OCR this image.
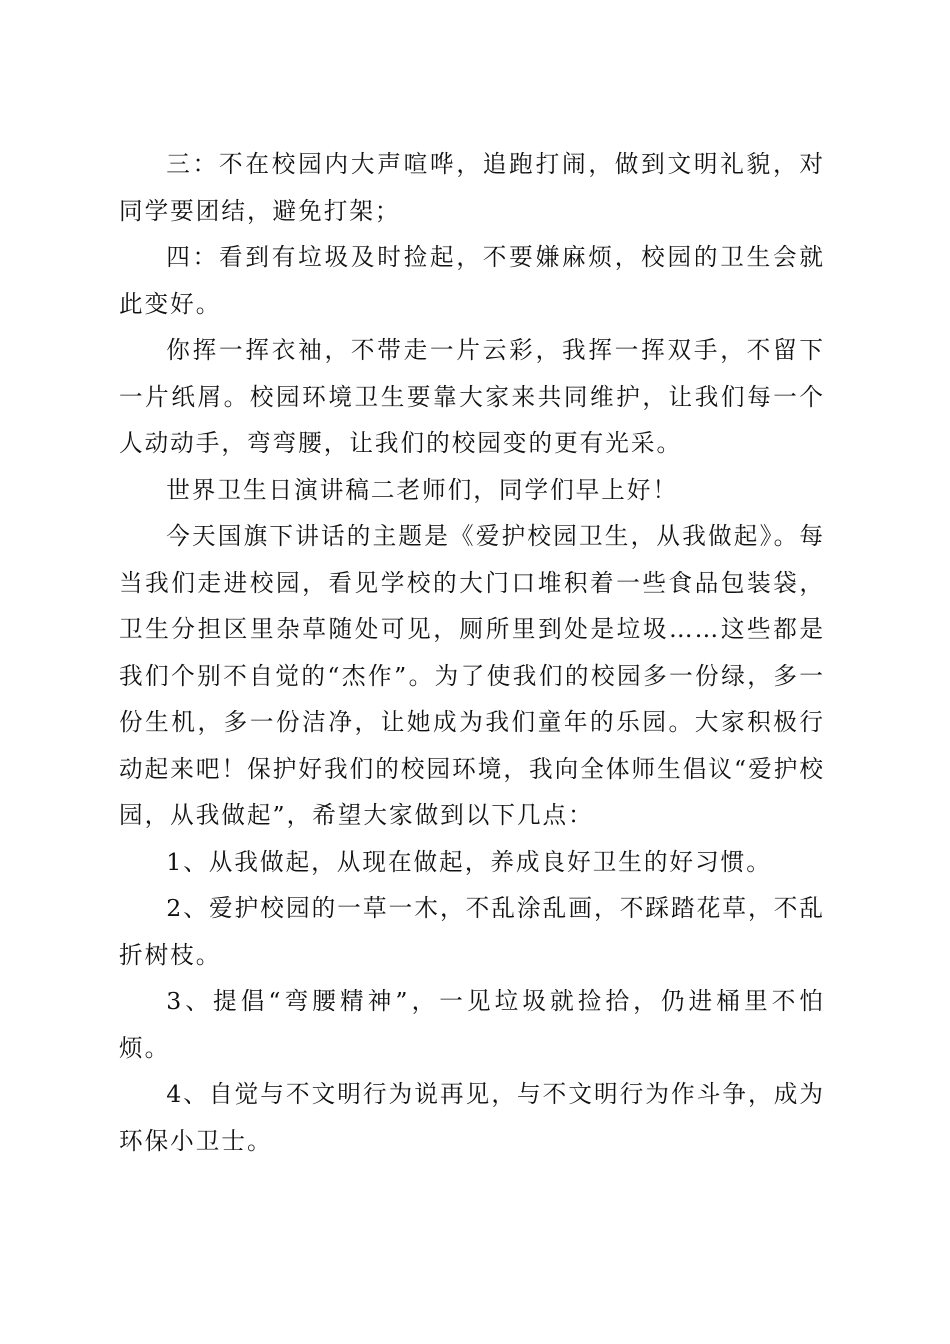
三：不在校园内大声喧哗，追跑打闹，做到文明礼貌，对同学要团结，避免打架；

四：看到有垃圾及时捡起，不要嫌麻烦，校园的卫生会就此变好。

你挥一挥衣袖，不带走一片云彩，我挥一挥双手，不留下一片纸屑。校园环境卫生要靠大家来共同维护，让我们每一个人动动手，弯弯腰，让我们的校园变的更有光采。

世界卫生日演讲稿二老师们，同学们早上好！

今天国旗下讲话的主题是《爱护校园卫生，从我做起》。每当我们走进校园，看见学校的大门口堆积着一些食品包装袋，卫生分担区里杂草随处可见，厕所里到处是垃圾……这些都是我们个别不自觉的“杰作”。为了使我们的校园多一份绿，多一份生机，多一份洁净，让她成为我们童年的乐园。大家积极行动起来吧！保护好我们的校园环境，我向全体师生倡议“爱护校园，从我做起”，希望大家做到以下几点：

1、从我做起，从现在做起，养成良好卫生的好习惯。

2、爱护校园的一草一木，不乱涂乱画，不踩踏花草，不乱折树枝。

3、提倡“弯腰精神”，一见垃圾就捡拾，仍进桶里不怕烦。

4、自觉与不文明行为说再见，与不文明行为作斗争，成为环保小卫士。
